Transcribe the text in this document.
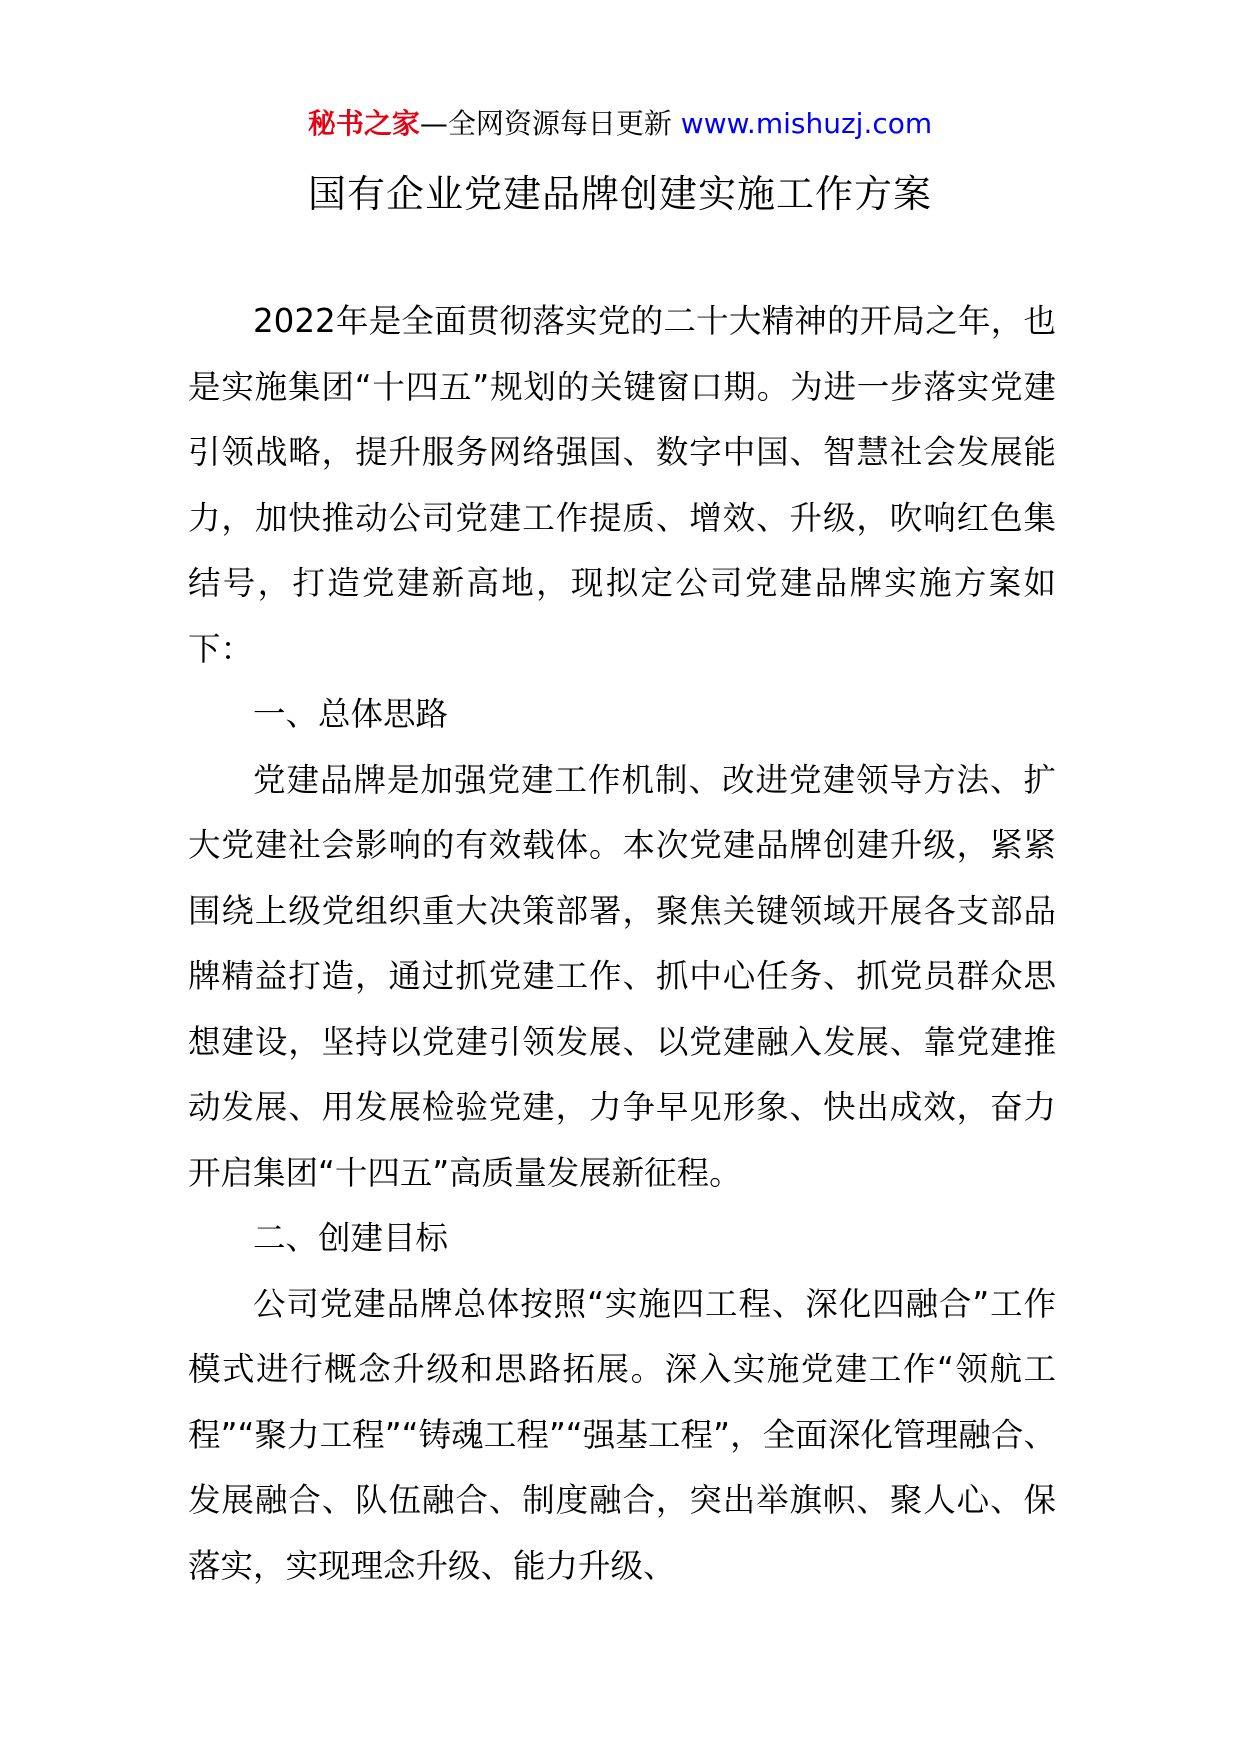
秘书之家—全网资源每日更新 www.mishuzj.com
国有企业党建品牌创建实施工作方案

2022年是全面贯彻落实党的二十大精神的开局之年，也是实施集团“十四五”规划的关键窗口期。为进一步落实党建引领战略，提升服务网络强国、数字中国、智慧社会发展能力，加快推动公司党建工作提质、增效、升级，吹响红色集结号，打造党建新高地，现拟定公司党建品牌实施方案如下：

一、总体思路

党建品牌是加强党建工作机制、改进党建领导方法、扩大党建社会影响的有效载体。本次党建品牌创建升级，紧紧围绕上级党组织重大决策部署，聚焦关键领域开展各支部品牌精益打造，通过抓党建工作、抓中心任务、抓党员群众思想建设，坚持以党建引领发展、以党建融入发展、靠党建推动发展、用发展检验党建，力争早见形象、快出成效，奋力开启集团“十四五”高质量发展新征程。

二、创建目标

公司党建品牌总体按照“实施四工程、深化四融合”工作模式进行概念升级和思路拓展。深入实施党建工作“领航工程”“聚力工程”“铸魂工程”“强基工程”，全面深化管理融合、发展融合、队伍融合、制度融合，突出举旗帜、聚人心、保落实，实现理念升级、能力升级、
